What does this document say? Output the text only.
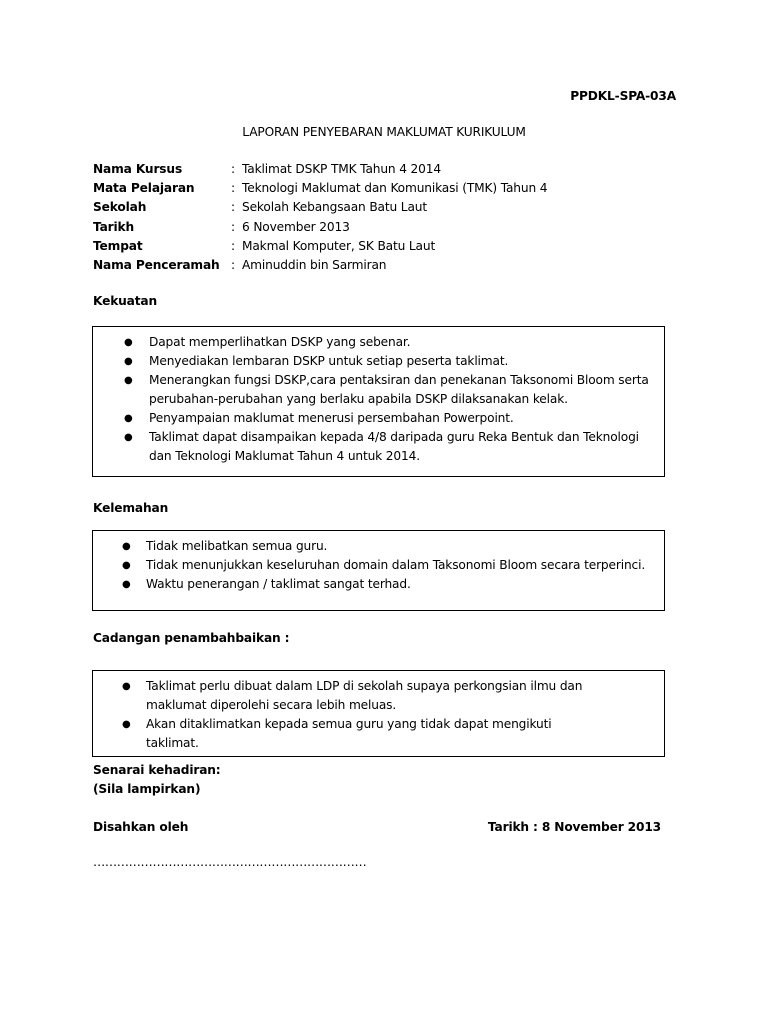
PPDKL-SPA-03A
LAPORAN PENYEBARAN MAKLUMAT KURIKULUM
Nama Kursus	: Taklimat DSKP TMK Tahun 4 2014
Mata Pelajaran	: Teknologi Maklumat dan Komunikasi (TMK) Tahun 4
Sekolah	: Sekolah Kebangsaan Batu Laut
Tarikh	: 6 November 2013
Tempat	: Makmal Komputer, SK Batu Laut
Nama Penceramah : Aminuddin bin Sarmiran
Kekuatan
● Dapat memperlihatkan DSKP yang sebenar.
● Menyediakan lembaran DSKP untuk setiap peserta taklimat.
● Menerangkan fungsi DSKP,cara pentaksiran dan penekanan Taksonomi Bloom serta perubahan-perubahan yang berlaku apabila DSKP dilaksanakan kelak.
● Penyampaian maklumat menerusi persembahan Powerpoint.
● Taklimat dapat disampaikan kepada 4/8 daripada guru Reka Bentuk dan Teknologi dan Teknologi Maklumat Tahun 4 untuk 2014.
Kelemahan
● Tidak melibatkan semua guru.
● Tidak menunjukkan keseluruhan domain dalam Taksonomi Bloom secara terperinci.
● Waktu penerangan / taklimat sangat terhad.
Cadangan penambahbaikan :
● Taklimat perlu dibuat dalam LDP di sekolah supaya perkongsian ilmu dan maklumat diperolehi secara lebih meluas.
● Akan ditaklimatkan kepada semua guru yang tidak dapat mengikuti taklimat.
Senarai kehadiran:
(Sila lampirkan)
Disahkan oleh	Tarikh : 8 November 2013
……………………………………………………………
